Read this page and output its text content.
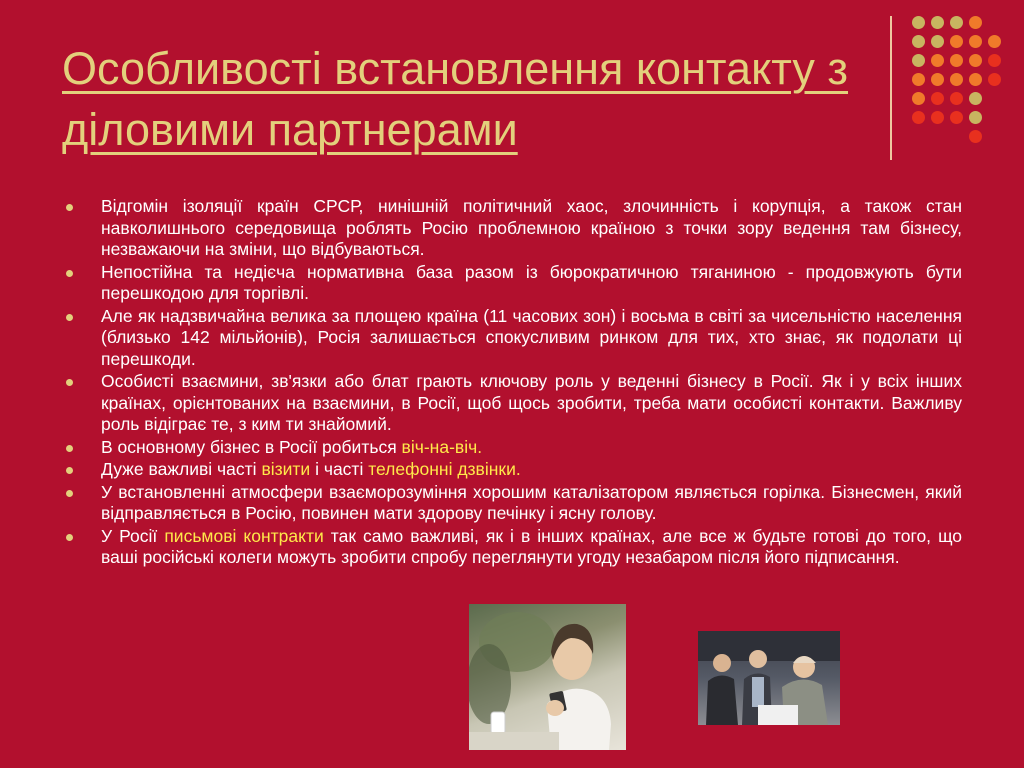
Особливості встановлення контакту з діловими партнерами
Відгомін ізоляції країн СРСР, нинішній політичний хаос, злочинність і корупція, а також стан навколишнього середовища роблять Росію проблемною країною з точки зору ведення там бізнесу, незважаючи на зміни, що відбуваються.
Непостійна та недієча нормативна база разом із бюрократичною тяганиною - продовжують бути перешкодою для торгівлі.
Але як надзвичайна велика за площею країна (11 часових зон) і восьма в світі за чисельністю населення (близько 142 мільйонів), Росія залишається спокусливим ринком для тих, хто знає, як подолати ці перешкоди.
Особисті взаємини, зв'язки або блат грають ключову роль у веденні бізнесу в Росії. Як і у всіх інших країнах, орієнтованих на взаємини, в Росії, щоб щось зробити, треба мати особисті контакти. Важливу роль відіграє те, з ким ти знайомий.
В основному бізнес в Росії робиться віч-на-віч.
Дуже важливі часті візити і часті телефонні дзвінки.
У встановленні атмосфери взаєморозуміння хорошим каталізатором являється горілка. Бізнесмен, який відправляється в Росію, повинен мати здорову печінку і ясну голову.
У Росії письмові контракти так само важливі, як і в інших країнах, але все ж будьте готові до того, що ваші російські колеги можуть зробити спробу переглянути угоду незабаром після його підписання.
